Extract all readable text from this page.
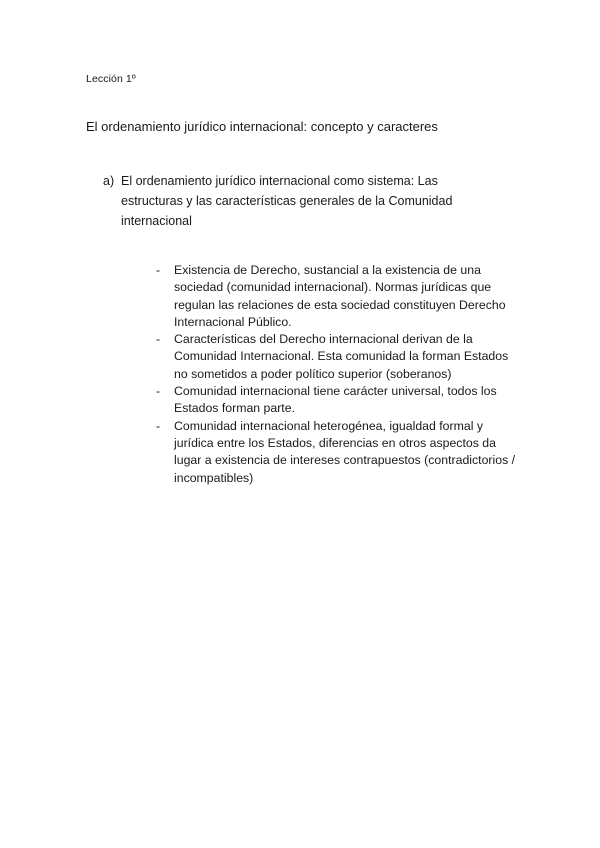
Lección 1º
El ordenamiento jurídico internacional: concepto y caracteres
a) El ordenamiento jurídico internacional como sistema: Las estructuras y las características generales de la Comunidad internacional
- Existencia de Derecho, sustancial a la existencia de una sociedad (comunidad internacional). Normas jurídicas que regulan las relaciones de esta sociedad constituyen Derecho Internacional Público.
- Características del Derecho internacional derivan de la Comunidad Internacional. Esta comunidad la forman Estados no sometidos a poder político superior (soberanos)
- Comunidad internacional tiene carácter universal, todos los Estados forman parte.
- Comunidad internacional heterogénea, igualdad formal y jurídica entre los Estados, diferencias en otros aspectos da lugar a existencia de intereses contrapuestos (contradictorios / incompatibles)
